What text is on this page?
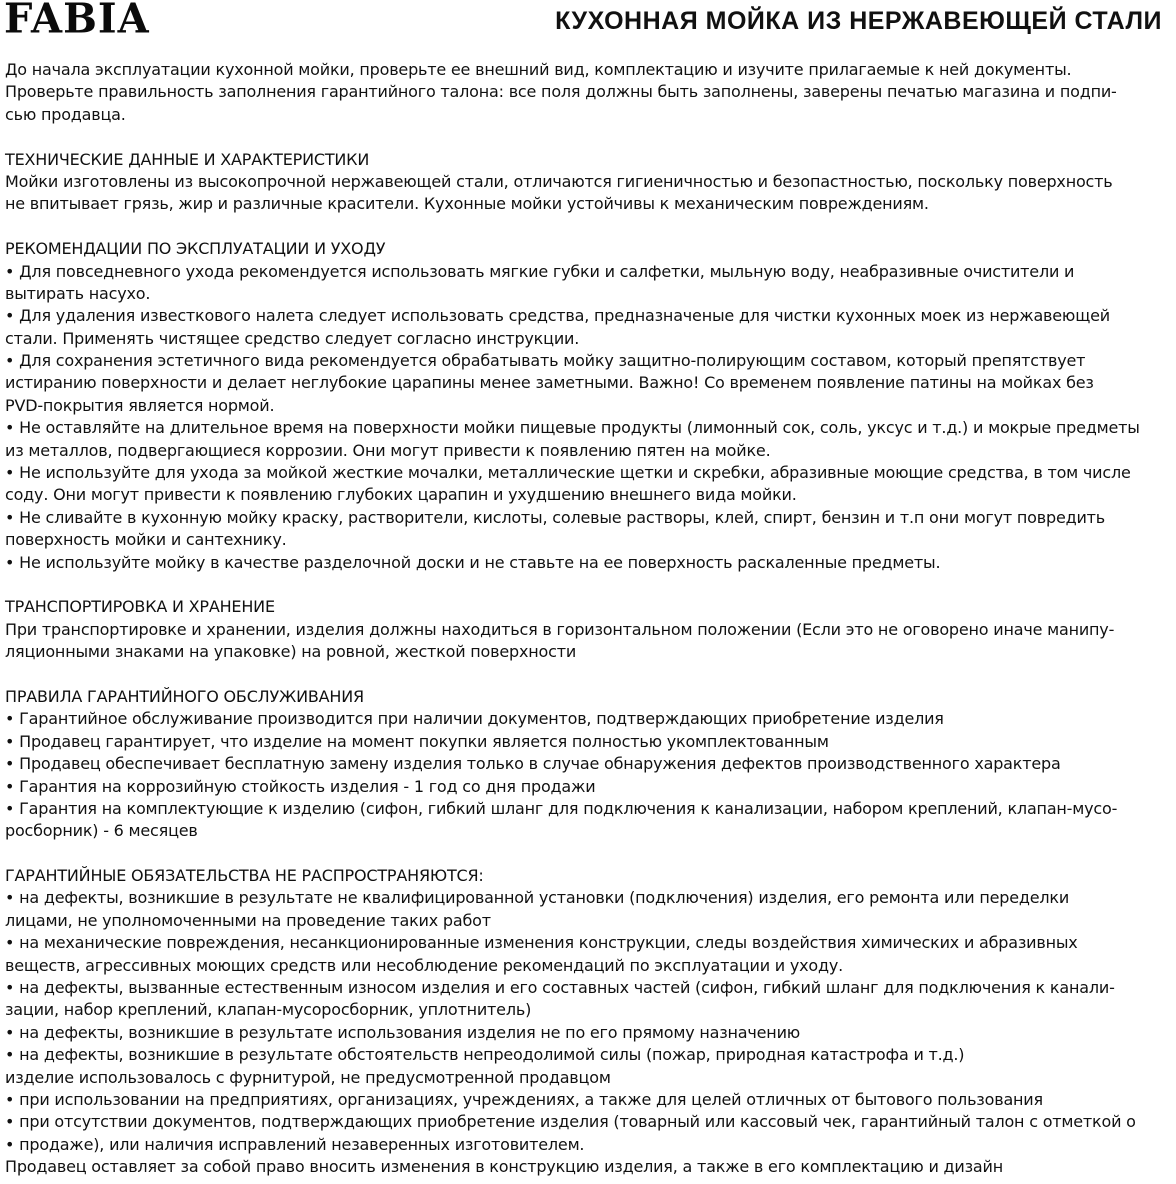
FABIA	КУХОННАЯ МОЙКА ИЗ НЕРЖАВЕЮЩЕЙ СТАЛИ
До начала эксплуатации кухонной мойки, проверьте ее внешний вид, комплектацию и изучите прилагаемые к ней документы.
Проверьте правильность заполнения гарантийного талона: все поля должны быть заполнены, заверены печатью магазина и подпи-
сью продавца.
ТЕХНИЧЕСКИЕ ДАННЫЕ И ХАРАКТЕРИСТИКИ
Мойки изготовлены из высокопрочной нержавеющей стали, отличаются гигиеничностью и безопастностью, поскольку поверхность
не впитывает грязь, жир и различные красители. Кухонные мойки устойчивы к механическим повреждениям.
РЕКОМЕНДАЦИИ ПО ЭКСПЛУАТАЦИИ И УХОДУ
• Для повседневного ухода рекомендуется использовать мягкие губки и салфетки, мыльную воду, неабразивные очистители и
вытирать насухо.
• Для удаления известкового налета следует использовать средства, предназначеные для чистки кухонных моек из нержавеющей
стали. Применять чистящее средство следует согласно инструкции.
• Для сохранения эстетичного вида рекомендуется обрабатывать мойку защитно-полирующим составом, который препятствует
истиранию поверхности и делает неглубокие царапины менее заметными. Важно! Со временем появление патины на мойках без
PVD-покрытия является нормой.
• Не оставляйте на длительное время на поверхности мойки пищевые продукты (лимонный сок, соль, уксус и т.д.) и мокрые предметы
из металлов, подвергающиеся коррозии. Они могут привести к появлению пятен на мойке.
• Не используйте для ухода за мойкой жесткие мочалки, металлические щетки и скребки, абразивные моющие средства, в том числе
соду. Они могут привести к появлению глубоких царапин и ухудшению внешнего вида мойки.
• Не сливайте в кухонную мойку краску, растворители, кислоты, солевые растворы, клей, спирт, бензин и т.п они могут повредить
поверхность мойки и сантехнику.
• Не используйте мойку в качестве разделочной доски и не ставьте на ее поверхность раскаленные предметы.
ТРАНСПОРТИРОВКА И ХРАНЕНИЕ
При транспортировке и хранении, изделия должны находиться в горизонтальном положении (Если это не оговорено иначе манипу-
ляционными знаками на упаковке) на ровной, жесткой поверхности
ПРАВИЛА ГАРАНТИЙНОГО ОБСЛУЖИВАНИЯ
• Гарантийное обслуживание производится при наличии документов, подтверждающих приобретение изделия
• Продавец гарантирует, что изделие на момент покупки является полностью укомплектованным
• Продавец обеспечивает бесплатную замену изделия только в случае обнаружения дефектов производственного характера
• Гарантия на коррозийную стойкость изделия - 1 год со дня продажи
• Гарантия на комплектующие к изделию (сифон, гибкий шланг для подключения к канализации, набором креплений, клапан-мусо-
росборник) - 6 месяцев
ГАРАНТИЙНЫЕ ОБЯЗАТЕЛЬСТВА НЕ РАСПРОСТРАНЯЮТСЯ:
• на дефекты, возникшие в результате не квалифицированной установки (подключения) изделия, его ремонта или переделки
лицами, не уполномоченными на проведение таких работ
• на механические повреждения, несанкционированные изменения конструкции, следы воздействия химических и абразивных
веществ, агрессивных моющих средств или несоблюдение рекомендаций по эксплуатации и уходу.
• на дефекты, вызванные естественным износом изделия и его составных частей (сифон, гибкий шланг для подключения к канали-
зации, набор креплений, клапан-мусоросборник, уплотнитель)
• на дефекты, возникшие в результате использования изделия не по его прямому назначению
• на дефекты, возникшие в результате обстоятельств непреодолимой силы (пожар, природная катастрофа и т.д.)
изделие использовалось с фурнитурой, не предусмотренной продавцом
• при использовании на предприятиях, организациях, учреждениях, а также для целей отличных от бытового пользования
• при отсутствии документов, подтверждающих приобретение изделия (товарный или кассовый чек, гарантийный талон с отметкой о
• продаже), или наличия исправлений незаверенных изготовителем.
Продавец оставляет за собой право вносить изменения в конструкцию изделия, а также в его комплектацию и дизайн
